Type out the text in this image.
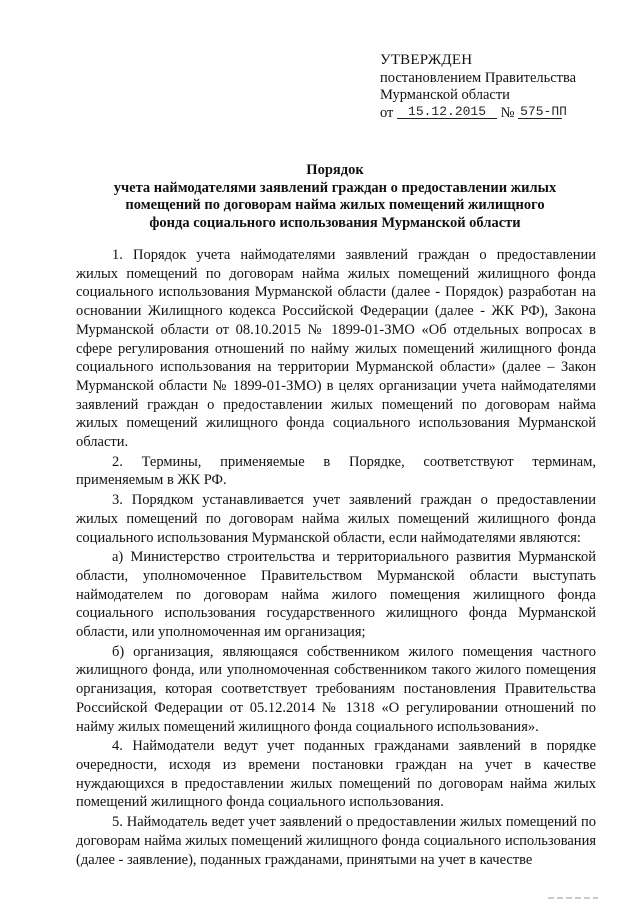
УТВЕРЖДЕН
постановлением Правительства
Мурманской области
от 15.12.2015 № 575-ПП
Порядок
учета наймодателями заявлений граждан о предоставлении жилых
помещений по договорам найма жилых помещений жилищного
фонда социального использования Мурманской области

1. Порядок учета наймодателями заявлений граждан о предоставлении жилых помещений по договорам найма жилых помещений жилищного фонда социального использования Мурманской области (далее - Порядок) разработан на основании Жилищного кодекса Российской Федерации (далее - ЖК РФ), Закона Мурманской области от 08.10.2015 № 1899-01-ЗМО «Об отдельных вопросах в сфере регулирования отношений по найму жилых помещений жилищного фонда социального использования на территории Мурманской области» (далее – Закон Мурманской области № 1899-01-ЗМО) в целях организации учета наймодателями заявлений граждан о предоставлении жилых помещений по договорам найма жилых помещений жилищного фонда социального использования Мурманской области.

2. Термины, применяемые в Порядке, соответствуют терминам, применяемым в ЖК РФ.

3. Порядком устанавливается учет заявлений граждан о предоставлении жилых помещений по договорам найма жилых помещений жилищного фонда социального использования Мурманской области, если наймодателями являются:

а) Министерство строительства и территориального развития Мурманской области, уполномоченное Правительством Мурманской области выступать наймодателем по договорам найма жилого помещения жилищного фонда социального использования государственного жилищного фонда Мурманской области, или уполномоченная им организация;

б) организация, являющаяся собственником жилого помещения частного жилищного фонда, или уполномоченная собственником такого жилого помещения организация, которая соответствует требованиям постановления Правительства Российской Федерации от 05.12.2014 № 1318 «О регулировании отношений по найму жилых помещений жилищного фонда социального использования».

4. Наймодатели ведут учет поданных гражданами заявлений в порядке очередности, исходя из времени постановки граждан на учет в качестве нуждающихся в предоставлении жилых помещений по договорам найма жилых помещений жилищного фонда социального использования.

5. Наймодатель ведет учет заявлений о предоставлении жилых помещений по договорам найма жилых помещений жилищного фонда социального использования (далее - заявление), поданных гражданами, принятыми на учет в качестве
